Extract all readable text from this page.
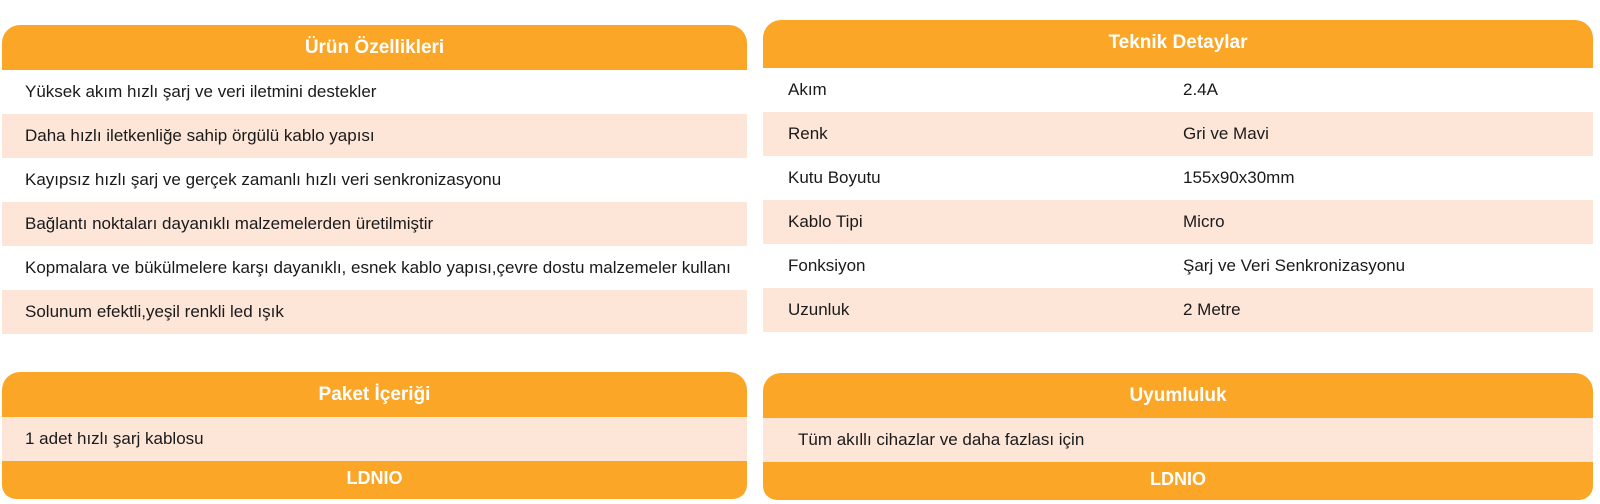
Ürün Özellikleri
Yüksek akım hızlı şarj ve veri iletmini destekler
Daha hızlı iletkenliğe sahip örgülü kablo yapısı
Kayıpsız hızlı şarj ve gerçek zamanlı hızlı veri senkronizasyonu
Bağlantı noktaları dayanıklı malzemelerden üretilmiştir
Kopmalara ve bükülmelere karşı dayanıklı, esnek kablo yapısı,çevre dostu malzemeler kullanı
Solunum efektli,yeşil renkli led ışık
Teknik Detaylar
Akım	2.4A
Renk	Gri ve Mavi
Kutu Boyutu	155x90x30mm
Kablo Tipi	Micro
Fonksiyon	Şarj ve Veri Senkronizasyonu
Uzunluk	2 Metre
Paket İçeriği
1 adet hızlı şarj kablosu
LDNIO
Uyumluluk
Tüm akıllı cihazlar ve daha fazlası için
LDNIO
